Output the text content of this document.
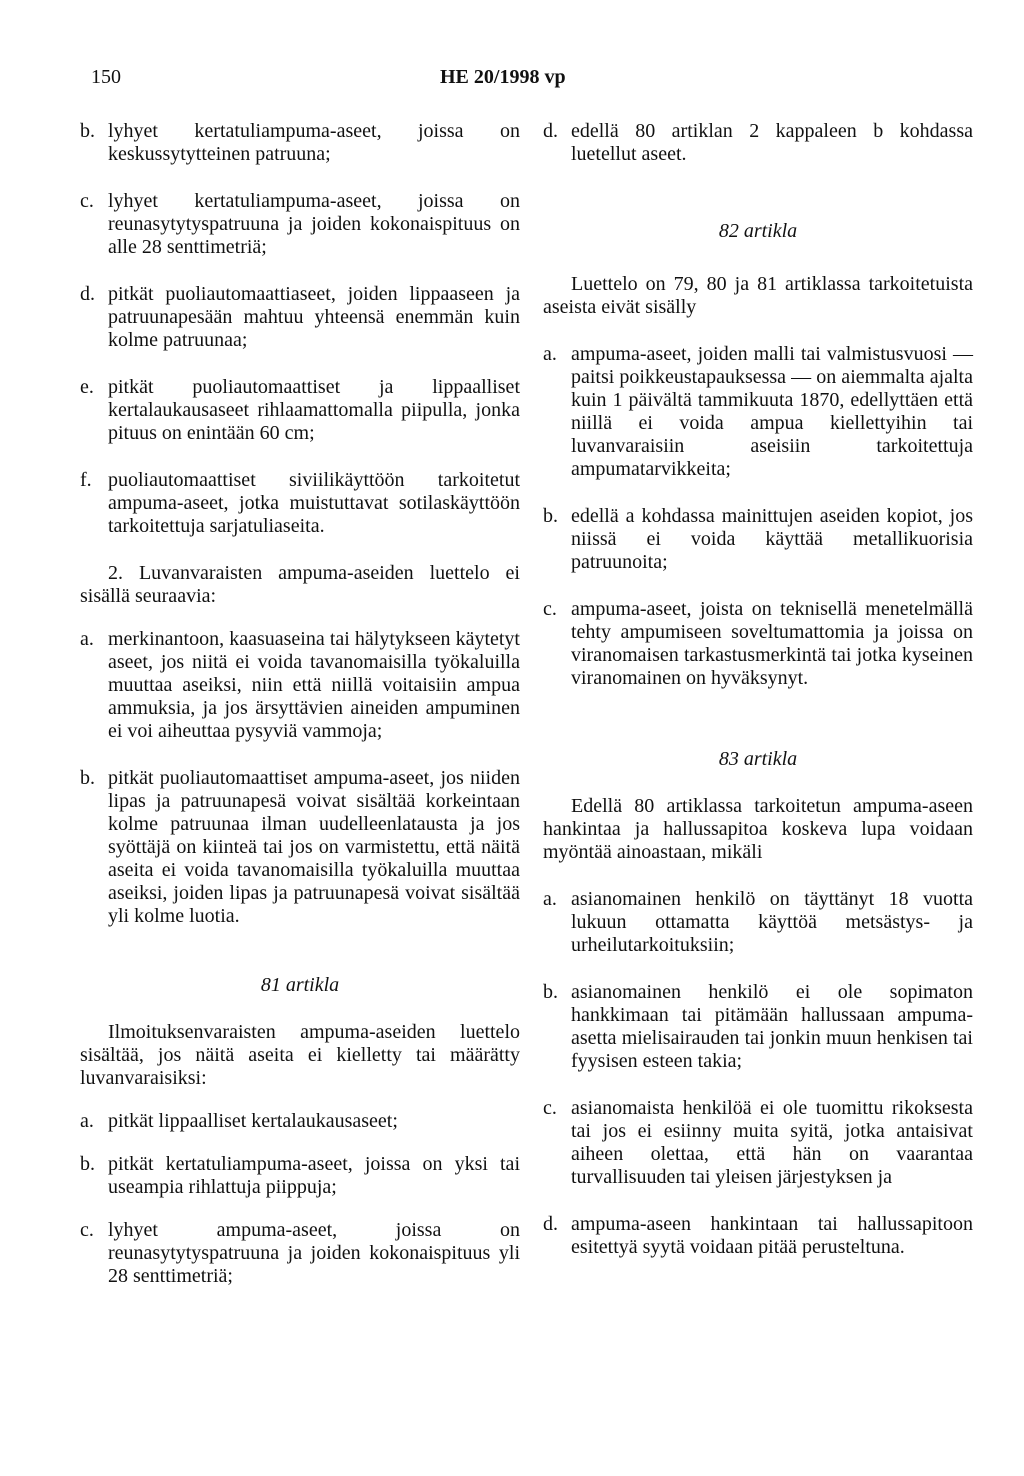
150	HE 20/1998 vp
b. lyhyet kertatuliampuma-aseet, joissa on keskussytytteinen patruuna;

c. lyhyet kertatuliampuma-aseet, joissa on reunasytytyspatruuna ja joiden kokonaispituus on alle 28 senttimetriä;

d. pitkät puoliautomaattiaseet, joiden lippaaseen ja patruunapesään mahtuu yhteensä enemmän kuin kolme patruunaa;

e. pitkät puoliautomaattiset ja lippaalliset kertalaukausaseet rihlaamattomalla piipulla, jonka pituus on enintään 60 cm;

f. puoliautomaattiset siviilikäyttöön tarkoitetut ampuma-aseet, jotka muistuttavat sotilaskäyttöön tarkoitettuja sarjatuliaseita.

2. Luvanvaraisten ampuma-aseiden luettelo ei sisällä seuraavia:

a. merkinantoon, kaasuaseina tai hälytykseen käytetyt aseet, jos niitä ei voida tavanomaisilla työkaluilla muuttaa aseiksi, niin että niillä voitaisiin ampua ammuksia, ja jos ärsyttävien aineiden ampuminen ei voi aiheuttaa pysyviä vammoja;

b. pitkät puoliautomaattiset ampuma-aseet, jos niiden lipas ja patruunapesä voivat sisältää korkeintaan kolme patruunaa ilman uudelleenlatausta ja jos syöttäjä on kiinteä tai jos on varmistettu, että näitä aseita ei voida tavanomaisilla työkaluilla muuttaa aseiksi, joiden lipas ja patruunapesä voivat sisältää yli kolme luotia.

81 artikla

Ilmoituksenvaraisten ampuma-aseiden luettelo sisältää, jos näitä aseita ei kielletty tai määrätty luvanvaraisiksi:

a. pitkät lippaalliset kertalaukausaseet;

b. pitkät kertatuliampuma-aseet, joissa on yksi tai useampia rihlattuja piippuja;

c. lyhyet ampuma-aseet, joissa on reunasytytyspatruuna ja joiden kokonaispituus yli 28 senttimetriä;

d. edellä 80 artiklan 2 kappaleen b kohdassa luetellut aseet.

82 artikla

Luettelo on 79, 80 ja 81 artiklassa tarkoitetuista aseista eivät sisälly

a. ampuma-aseet, joiden malli tai valmistusvuosi — paitsi poikkeustapauksessa — on aiemmalta ajalta kuin 1 päivältä tammikuuta 1870, edellyttäen että niillä ei voida ampua kiellettyihin tai luvanvaraisiin aseisiin tarkoitettuja ampumatarvikkeita;

b. edellä a kohdassa mainittujen aseiden kopiot, jos niissä ei voida käyttää metallikuorisia patruunoita;

c. ampuma-aseet, joista on teknisellä menetelmällä tehty ampumiseen soveltumattomia ja joissa on viranomaisen tarkastusmerkintä tai jotka kyseinen viranomainen on hyväksynyt.

83 artikla

Edellä 80 artiklassa tarkoitetun ampuma-aseen hankintaa ja hallussapitoa koskeva lupa voidaan myöntää ainoastaan, mikäli

a. asianomainen henkilö on täyttänyt 18 vuotta lukuun ottamatta käyttöä metsästys- ja urheilutarkoituksiin;

b. asianomainen henkilö ei ole sopimaton hankkimaan tai pitämään hallussaan ampuma-asetta mielisairauden tai jonkin muun henkisen tai fyysisen esteen takia;

c. asianomaista henkilöä ei ole tuomittu rikoksesta tai jos ei esiinny muita syitä, jotka antaisivat aiheen olettaa, että hän on vaarantaa turvallisuuden tai yleisen järjestyksen ja

d. ampuma-aseen hankintaan tai hallussapitoon esitettyä syytä voidaan pitää perusteltuna.
